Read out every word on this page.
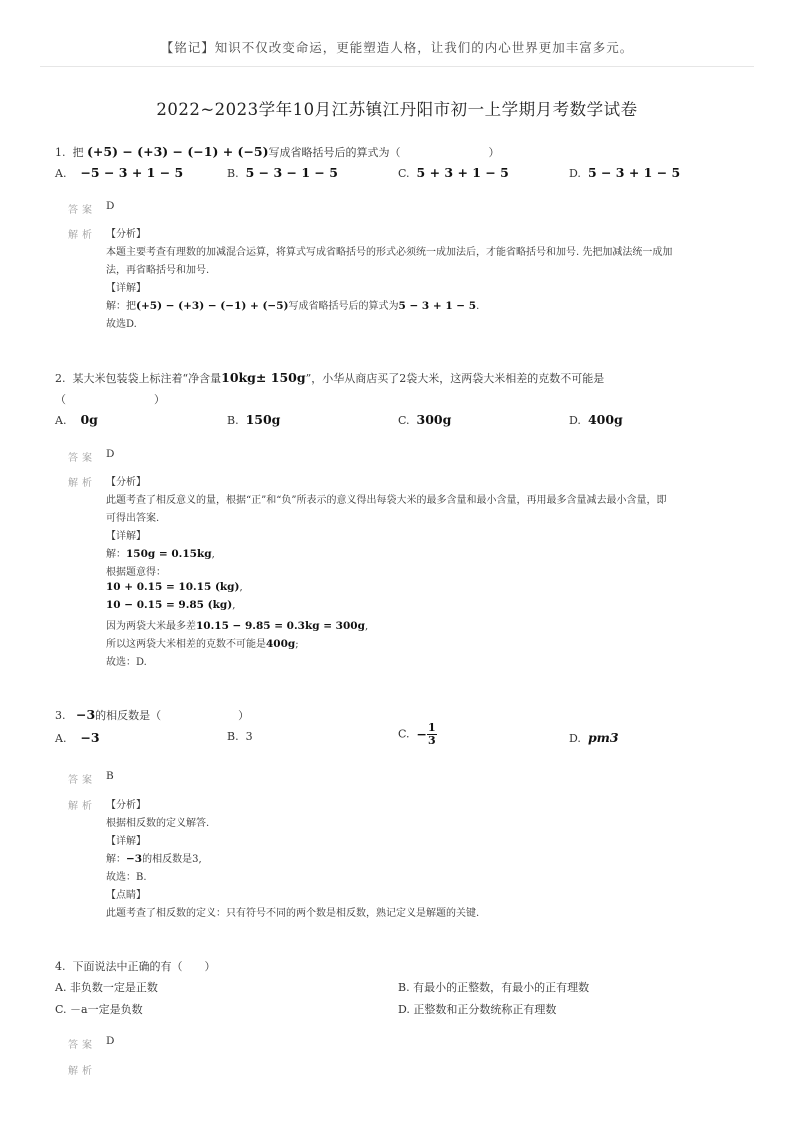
【铭记】知识不仅改变命运，更能塑造人格，让我们的内心世界更加丰富多元。
2022~2023学年10月江苏镇江丹阳市初一上学期月考数学试卷
1. 把 (+5) − (+3) − (−1) + (−5)写成省略括号后的算式为（　　　　　　　　）
A. −5 − 3 + 1 − 5	B. 5 − 3 − 1 − 5	C. 5 + 3 + 1 − 5	D. 5 − 3 + 1 − 5
答案 D
解析 【分析】
本题主要考查有理数的加减混合运算，将算式写成省略括号的形式必须统一成加法后，才能省略括号和加号. 先把加减法统一成加
法，再省略括号和加号.
【详解】
解：把(+5) − (+3) − (−1) + (−5)写成省略括号后的算式为5 − 3 + 1 − 5.
故选D.
2. 某大米包装袋上标注着“净含量10kg± 150g”，小华从商店买了2袋大米，这两袋大米相差的克数不可能是
（　　　　　　　　）
A. 0g	B. 150g	C. 300g	D. 400g
答案 D
解析 【分析】
此题考查了相反意义的量，根据“正”和“负”所表示的意义得出每袋大米的最多含量和最小含量，再用最多含量减去最小含量，即
可得出答案.
【详解】
解：150g = 0.15kg,
根据题意得：
10 + 0.15 = 10.15 (kg),
10 − 0.15 = 9.85 (kg),
因为两袋大米最多差10.15 − 9.85 = 0.3kg = 300g,
所以这两袋大米相差的克数不可能是400g;
故选：D.
3. −3的相反数是（　　　　　　　）
A. −3	B. 3	C. − $\frac{1}{3}$	D. pm3
答案 B
解析 【分析】
根据相反数的定义解答.
【详解】
解：−3的相反数是3,
故选：B.
【点睛】
此题考查了相反数的定义：只有符号不同的两个数是相反数，熟记定义是解题的关键.
4. 下面说法中正确的有（　　）
A. 非负数一定是正数	B. 有最小的正整数，有最小的正有理数
C. －a一定是负数	D. 正整数和正分数统称正有理数
答案 D
解析
